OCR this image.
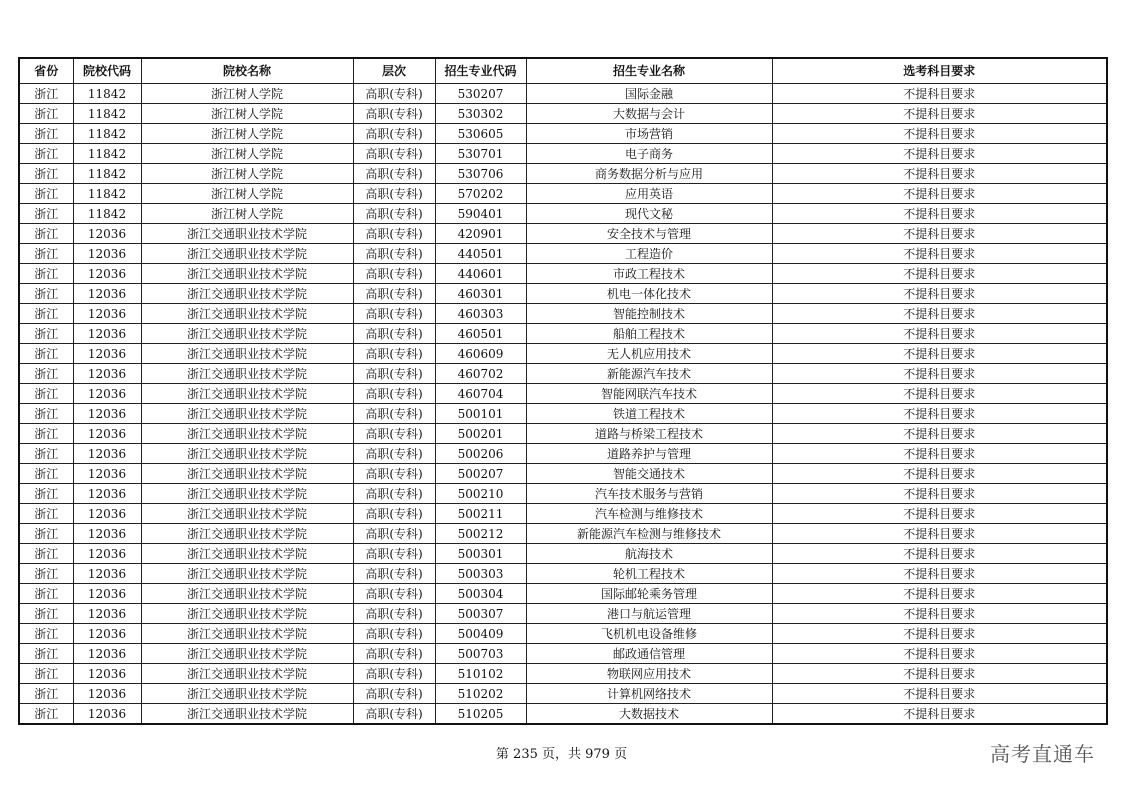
省份	院校代码	院校名称	层次	招生专业代码	招生专业名称	选考科目要求
浙江	11842	浙江树人学院	高职(专科)	530207	国际金融	不提科目要求
浙江	11842	浙江树人学院	高职(专科)	530302	大数据与会计	不提科目要求
浙江	11842	浙江树人学院	高职(专科)	530605	市场营销	不提科目要求
浙江	11842	浙江树人学院	高职(专科)	530701	电子商务	不提科目要求
浙江	11842	浙江树人学院	高职(专科)	530706	商务数据分析与应用	不提科目要求
浙江	11842	浙江树人学院	高职(专科)	570202	应用英语	不提科目要求
浙江	11842	浙江树人学院	高职(专科)	590401	现代文秘	不提科目要求
浙江	12036	浙江交通职业技术学院	高职(专科)	420901	安全技术与管理	不提科目要求
浙江	12036	浙江交通职业技术学院	高职(专科)	440501	工程造价	不提科目要求
浙江	12036	浙江交通职业技术学院	高职(专科)	440601	市政工程技术	不提科目要求
浙江	12036	浙江交通职业技术学院	高职(专科)	460301	机电一体化技术	不提科目要求
浙江	12036	浙江交通职业技术学院	高职(专科)	460303	智能控制技术	不提科目要求
浙江	12036	浙江交通职业技术学院	高职(专科)	460501	船舶工程技术	不提科目要求
浙江	12036	浙江交通职业技术学院	高职(专科)	460609	无人机应用技术	不提科目要求
浙江	12036	浙江交通职业技术学院	高职(专科)	460702	新能源汽车技术	不提科目要求
浙江	12036	浙江交通职业技术学院	高职(专科)	460704	智能网联汽车技术	不提科目要求
浙江	12036	浙江交通职业技术学院	高职(专科)	500101	铁道工程技术	不提科目要求
浙江	12036	浙江交通职业技术学院	高职(专科)	500201	道路与桥梁工程技术	不提科目要求
浙江	12036	浙江交通职业技术学院	高职(专科)	500206	道路养护与管理	不提科目要求
浙江	12036	浙江交通职业技术学院	高职(专科)	500207	智能交通技术	不提科目要求
浙江	12036	浙江交通职业技术学院	高职(专科)	500210	汽车技术服务与营销	不提科目要求
浙江	12036	浙江交通职业技术学院	高职(专科)	500211	汽车检测与维修技术	不提科目要求
浙江	12036	浙江交通职业技术学院	高职(专科)	500212	新能源汽车检测与维修技术	不提科目要求
浙江	12036	浙江交通职业技术学院	高职(专科)	500301	航海技术	不提科目要求
浙江	12036	浙江交通职业技术学院	高职(专科)	500303	轮机工程技术	不提科目要求
浙江	12036	浙江交通职业技术学院	高职(专科)	500304	国际邮轮乘务管理	不提科目要求
浙江	12036	浙江交通职业技术学院	高职(专科)	500307	港口与航运管理	不提科目要求
浙江	12036	浙江交通职业技术学院	高职(专科)	500409	飞机机电设备维修	不提科目要求
浙江	12036	浙江交通职业技术学院	高职(专科)	500703	邮政通信管理	不提科目要求
浙江	12036	浙江交通职业技术学院	高职(专科)	510102	物联网应用技术	不提科目要求
浙江	12036	浙江交通职业技术学院	高职(专科)	510202	计算机网络技术	不提科目要求
浙江	12036	浙江交通职业技术学院	高职(专科)	510205	大数据技术	不提科目要求
第 235 页，共 979 页	高考直通车
